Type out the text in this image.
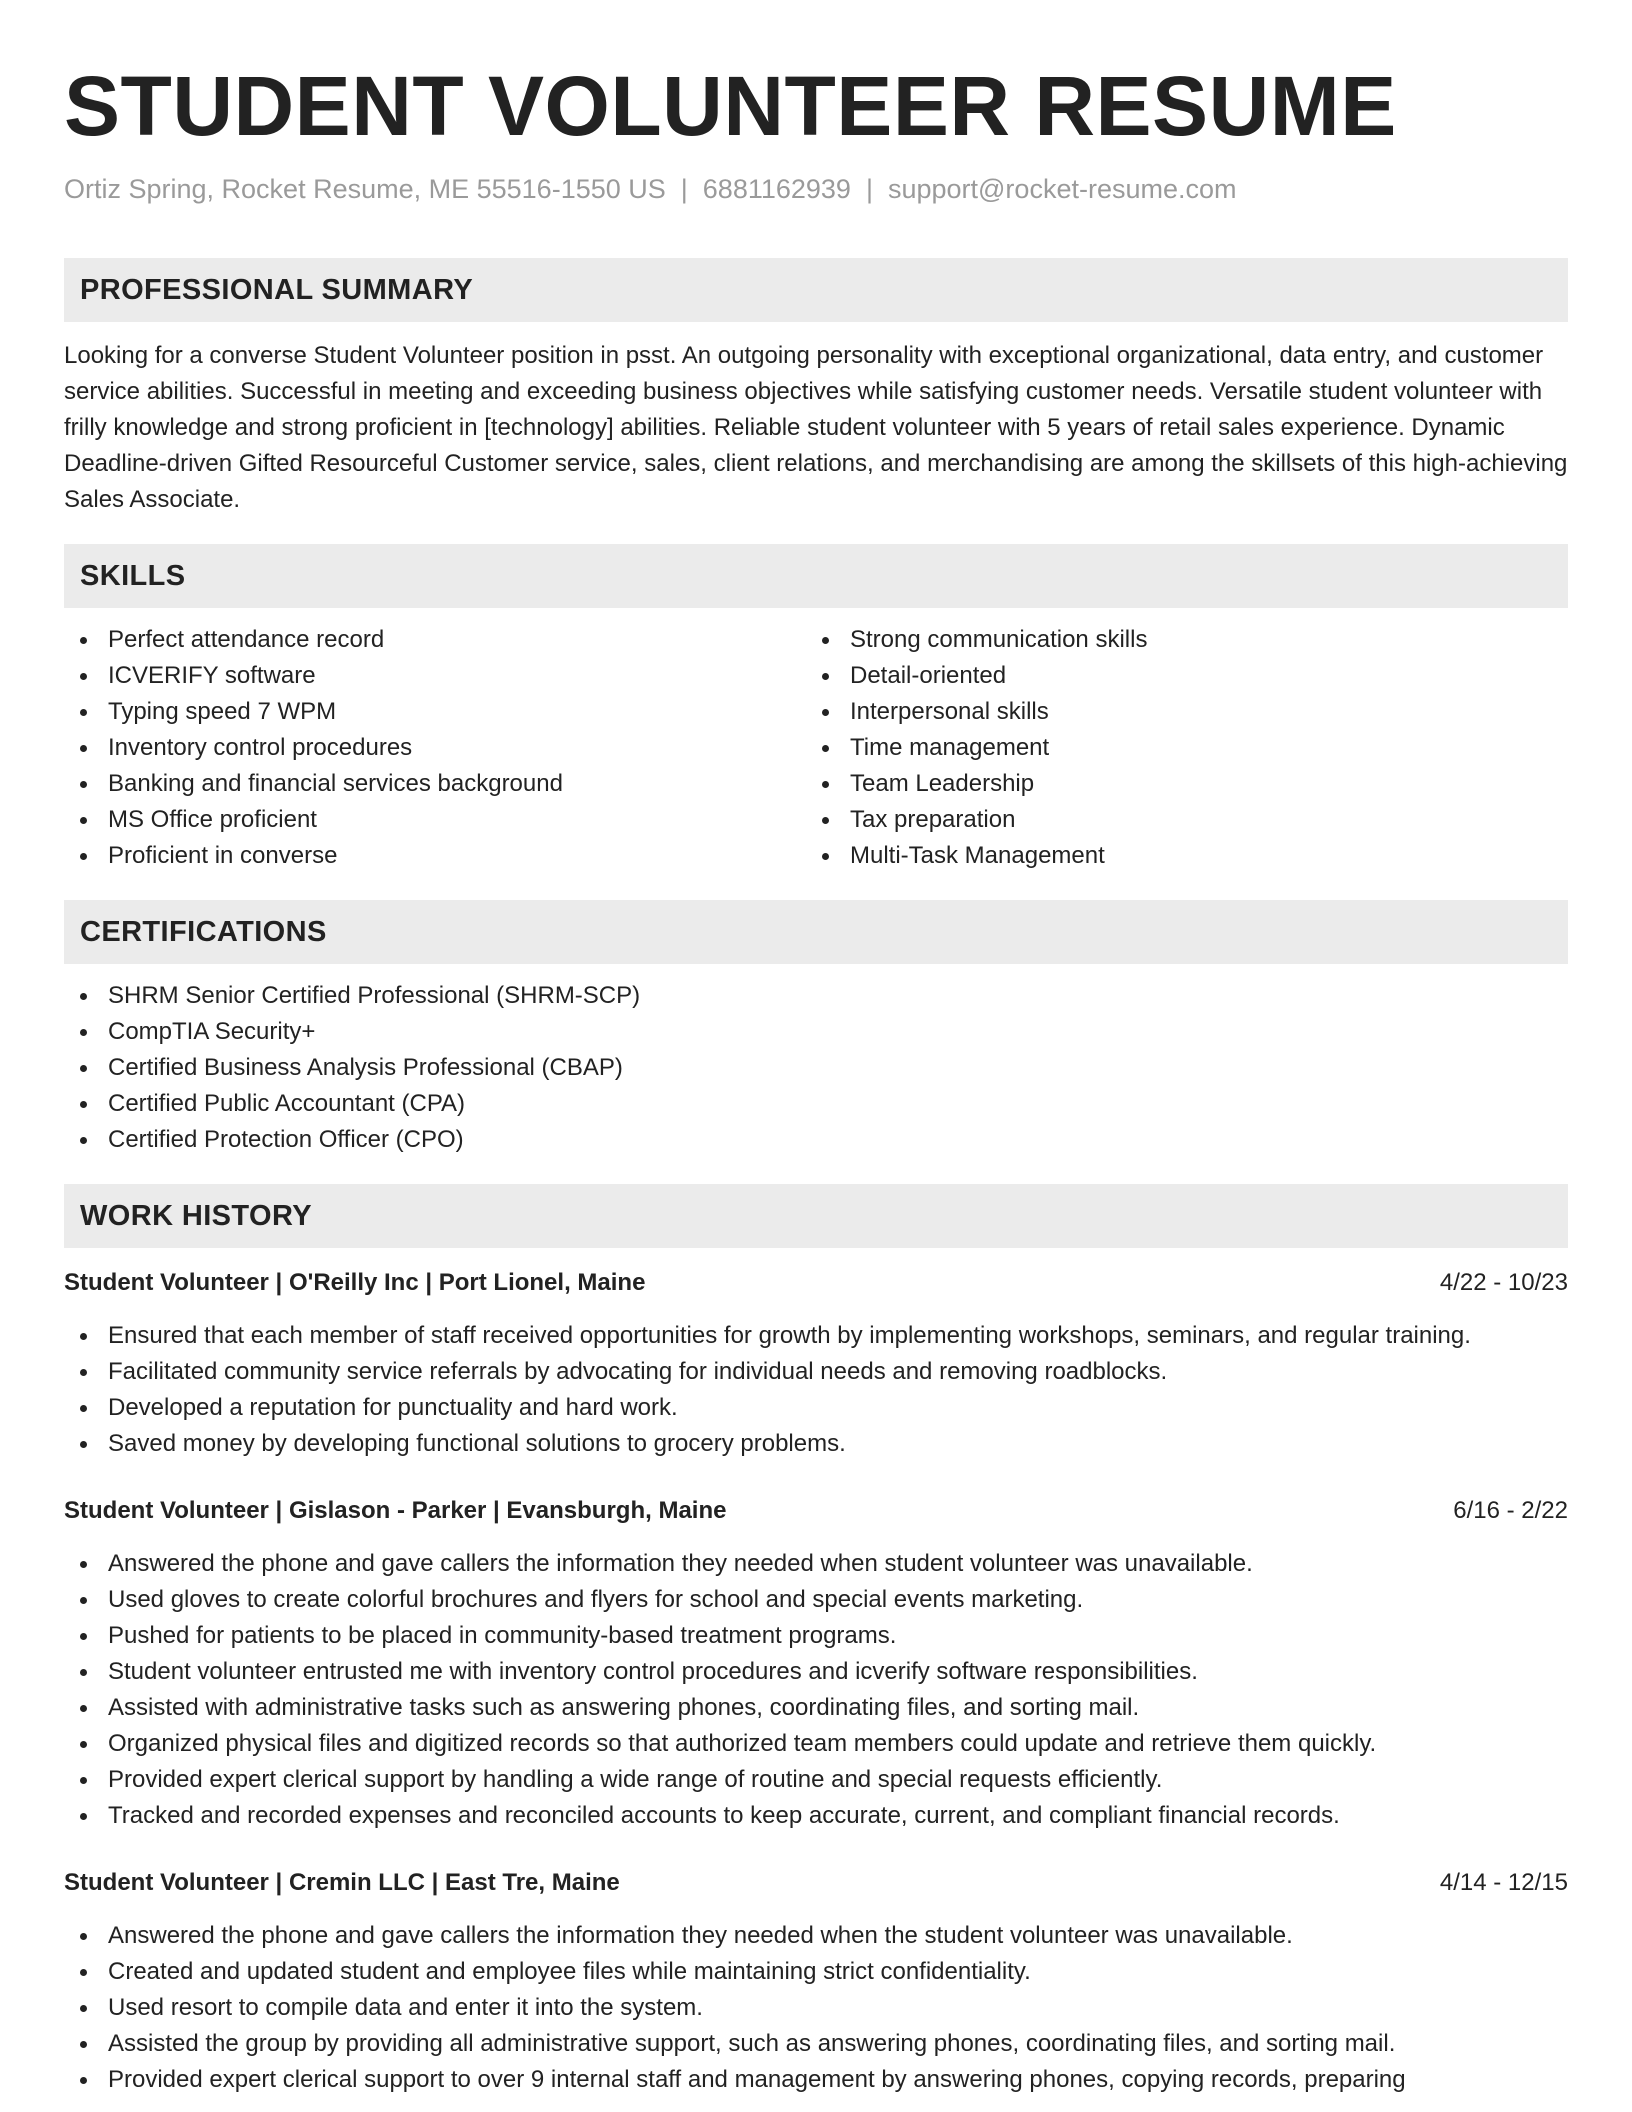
STUDENT VOLUNTEER RESUME
Ortiz Spring, Rocket Resume, ME 55516-1550 US | 6881162939 | support@rocket-resume.com
PROFESSIONAL SUMMARY

Looking for a converse Student Volunteer position in psst. An outgoing personality with exceptional organizational, data entry, and customer service abilities. Successful in meeting and exceeding business objectives while satisfying customer needs. Versatile student volunteer with frilly knowledge and strong proficient in [technology] abilities. Reliable student volunteer with 5 years of retail sales experience. Dynamic Deadline-driven Gifted Resourceful Customer service, sales, client relations, and merchandising are among the skillsets of this high-achieving Sales Associate.

SKILLS
Perfect attendance record
ICVERIFY software
Typing speed 7 WPM
Inventory control procedures
Banking and financial services background
MS Office proficient
Proficient in converse
Strong communication skills
Detail-oriented
Interpersonal skills
Time management
Team Leadership
Tax preparation
Multi-Task Management
CERTIFICATIONS
SHRM Senior Certified Professional (SHRM-SCP)
CompTIA Security+
Certified Business Analysis Professional (CBAP)
Certified Public Accountant (CPA)
Certified Protection Officer (CPO)
WORK HISTORY
Student Volunteer | O'Reilly Inc | Port Lionel, Maine	4/22 - 10/23
Ensured that each member of staff received opportunities for growth by implementing workshops, seminars, and regular training.
Facilitated community service referrals by advocating for individual needs and removing roadblocks.
Developed a reputation for punctuality and hard work.
Saved money by developing functional solutions to grocery problems.
Student Volunteer | Gislason - Parker | Evansburgh, Maine	6/16 - 2/22
Answered the phone and gave callers the information they needed when student volunteer was unavailable.
Used gloves to create colorful brochures and flyers for school and special events marketing.
Pushed for patients to be placed in community-based treatment programs.
Student volunteer entrusted me with inventory control procedures and icverify software responsibilities.
Assisted with administrative tasks such as answering phones, coordinating files, and sorting mail.
Organized physical files and digitized records so that authorized team members could update and retrieve them quickly.
Provided expert clerical support by handling a wide range of routine and special requests efficiently.
Tracked and recorded expenses and reconciled accounts to keep accurate, current, and compliant financial records.
Student Volunteer | Cremin LLC | East Tre, Maine	4/14 - 12/15
Answered the phone and gave callers the information they needed when the student volunteer was unavailable.
Created and updated student and employee files while maintaining strict confidentiality.
Used resort to compile data and enter it into the system.
Assisted the group by providing all administrative support, such as answering phones, coordinating files, and sorting mail.
Provided expert clerical support to over 9 internal staff and management by answering phones, copying records, preparing
